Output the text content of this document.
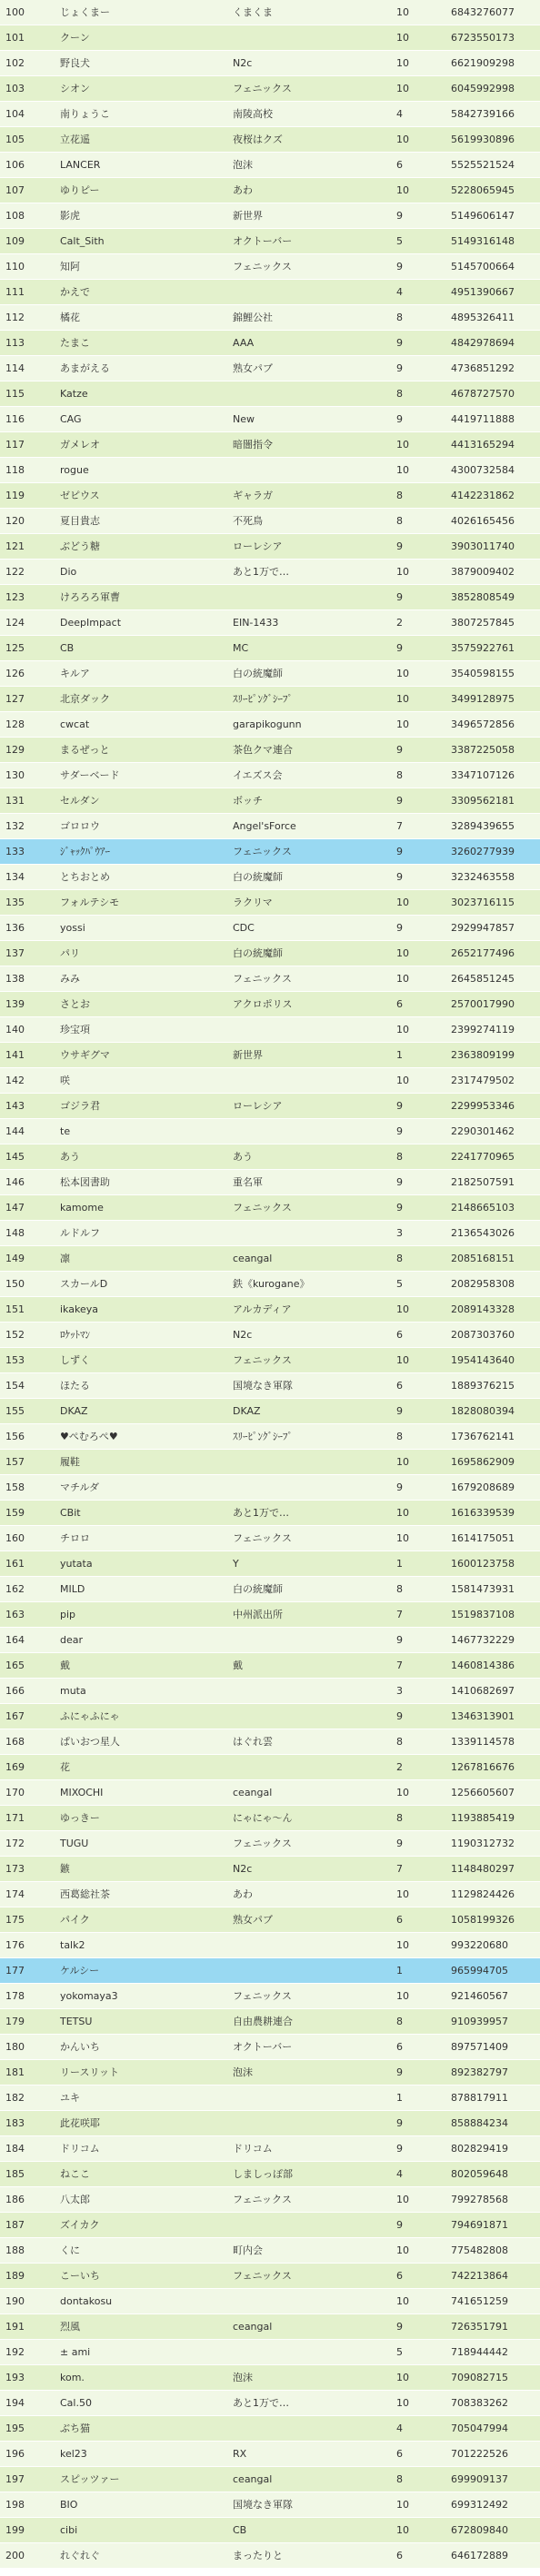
100	じょくまー	くまくま	10	6843276077
101	クーン		10	6723550173
102	野良犬	N2c	10	6621909298
103	シオン	フェニックス	10	6045992998
104	南りょうこ	南陵高校	4	5842739166
105	立花遥	夜桜はクズ	10	5619930896
106	LANCER	泡沫	6	5525521524
107	ゆりピー	あわ	10	5228065945
108	影虎	新世界	9	5149606147
109	Calt_Sith	オクトーバー	5	5149316148
110	知阿	フェニックス	9	5145700664
111	かえで		4	4951390667
112	橘花	錦鯉公社	8	4895326411
113	たまこ	AAA	9	4842978694
114	あまがえる	熟女パブ	9	4736851292
115	Katze		8	4678727570
116	CAG	New	9	4419711888
117	ガメレオ	暗闇指令	10	4413165294
118	rogue		10	4300732584
119	ゼピウス	ギャラガ	8	4142231862
120	夏目貴志	不死鳥	8	4026165456
121	ぶどう糖	ローレシア	9	3903011740
122	Dio	あと1万で…	10	3879009402
123	けろろろ軍曹		9	3852808549
124	DeepImpact	EIN-1433	2	3807257845
125	CB	MC	9	3575922761
126	キルア	白の統魔師	10	3540598155
127	北京ダック	ｽﾘｰﾋﾟﾝｸﾞｼｰﾌﾟ	10	3499128975
128	cwcat	garapikogunn	10	3496572856
129	まるぜっと	茶色クマ連合	9	3387225058
130	サダーベード	イエズス会	8	3347107126
131	セルダン	ボッチ	9	3309562181
132	ゴロロウ	Angel'sForce	7	3289439655
133	ｼﾞｬｯｸﾊﾟｳｱｰ	フェニックス	9	3260277939
134	とちおとめ	白の統魔師	9	3232463558
135	フォルテシモ	ラクリマ	10	3023716115
136	yossi	CDC	9	2929947857
137	パリ	白の統魔師	10	2652177496
138	みみ	フェニックス	10	2645851245
139	さとお	アクロポリス	6	2570017990
140	珍宝項		10	2399274119
141	ウサギグマ	新世界	1	2363809199
142	咲		10	2317479502
143	ゴジラ君	ローレシア	9	2299953346
144	te		9	2290301462
145	あう	あう	8	2241770965
146	松本図書助	重名軍	9	2182507591
147	kamome	フェニックス	9	2148665103
148	ルドルフ		3	2136543026
149	凛	ceangal	8	2085168151
150	スカールD	鉄《kurogane》	5	2082958308
151	ikakeya	アルカディア	10	2089143328
152	ﾛｹｯﾄﾏﾝ	N2c	6	2087303760
153	しずく	フェニックス	10	1954143640
154	ほたる	国境なき軍隊	6	1889376215
155	DKAZ	DKAZ	9	1828080394
156	♥ぺむろぺ♥	ｽﾘｰﾋﾟﾝｸﾞｼｰﾌﾟ	8	1736762141
157	履鞋		10	1695862909
158	マチルダ		9	1679208689
159	CBit	あと1万で…	10	1616339539
160	チロロ	フェニックス	10	1614175051
161	yutata	Y	1	1600123758
162	MILD	白の統魔師	8	1581473931
163	pip	中州派出所	7	1519837108
164	dear		9	1467732229
165	戴	戴	7	1460814386
166	muta		3	1410682697
167	ふにゃふにゃ		9	1346313901
168	ぱいおつ星人	はぐれ雲	8	1339114578
169	花		2	1267816676
170	MIXOCHI	ceangal	10	1256605607
171	ゆっきー	にゃにゃ～ん	8	1193885419
172	TUGU	フェニックス	9	1190312732
173	鏃	N2c	7	1148480297
174	西葛総社茶	あわ	10	1129824426
175	パイク	熟女パブ	6	1058199326
176	talk2		10	993220680
177	ケルシー		1	965994705
178	yokomaya3	フェニックス	10	921460567
179	TETSU	自由農耕連合	8	910939957
180	かんいち	オクトーバー	6	897571409
181	リースリット	泡沫	9	892382797
182	ユキ		1	878817911
183	此花咲耶		9	858884234
184	ドリコム	ドリコム	9	802829419
185	ねここ	しましっぽ部	4	802059648
186	八太郎	フェニックス	10	799278568
187	ズイカク		9	794691871
188	くに	町内会	10	775482808
189	こーいち	フェニックス	6	742213864
190	dontakosu		10	741651259
191	烈風	ceangal	9	726351791
192	± ami		5	718944442
193	kom.	泡沫	10	709082715
194	Cal.50	あと1万で…	10	708383262
195	ぶち猫		4	705047994
196	kel23	RX	6	701222526
197	スピッツァー	ceangal	8	699909137
198	BIO	国境なき軍隊	10	699312492
199	cibi	CB	10	672809840
200	れぐれぐ	まったりと	6	646172889
